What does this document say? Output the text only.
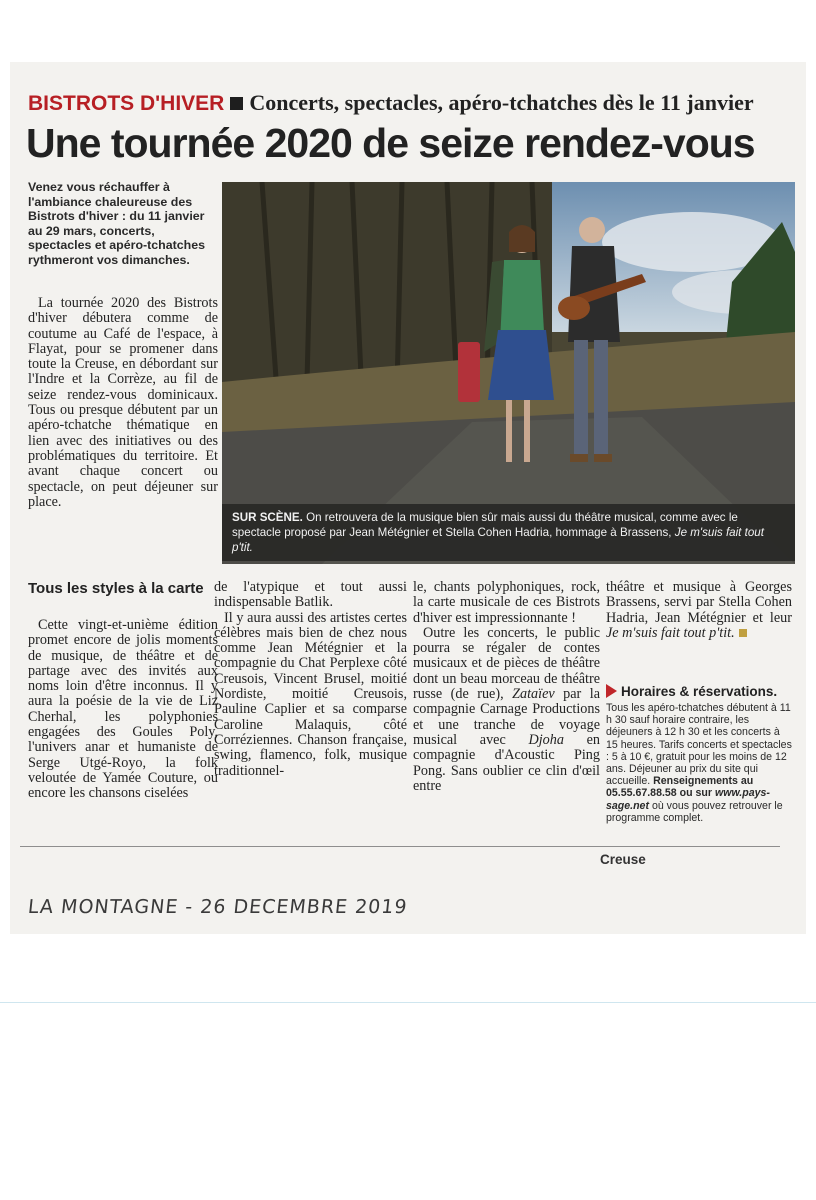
BISTROTS D'HIVER Concerts, spectacles, apéro-tchatches dès le 11 janvier
Une tournée 2020 de seize rendez-vous

Venez vous réchauffer à l'ambiance chaleureuse des Bistrots d'hiver : du 11 janvier au 29 mars, concerts, spectacles et apéro-tchatches rythmeront vos dimanches.

La tournée 2020 des Bistrots d'hiver débutera comme de coutume au Café de l'espace, à Flayat, pour se promener dans toute la Creuse, en débordant sur l'Indre et la Corrèze, au fil de seize rendez-vous dominicaux. Tous ou presque débutent par un apéro-tchatche thématique en lien avec des initiatives ou des problématiques du territoire. Et avant chaque concert ou spectacle, on peut déjeuner sur place.

SUR SCÈNE. On retrouvera de la musique bien sûr mais aussi du théâtre musical, comme avec le spectacle proposé par Jean Métégnier et Stella Cohen Hadria, hommage à Brassens, Je m'suis fait tout p'tit.
Tous les styles à la carte

Cette vingt-et-unième édition promet encore de jolis moments de musique, de théâtre et de partage avec des invités aux noms loin d'être inconnus. Il y aura la poésie de la vie de Liz Cherhal, les polyphonies engagées des Goules Poly, l'univers anar et humaniste de Serge Utgé-Royo, la folk veloutée de Yamée Couture, ou encore les chansons ciselées

de l'atypique et tout aussi indispensable Batlik.

Il y aura aussi des artistes certes célèbres mais bien de chez nous comme Jean Métégnier et la compagnie du Chat Perplexe côté Creusois, Vincent Brusel, moitié Nordiste, moitié Creusois, Pauline Caplier et sa comparse Caroline Malaquis, côté Corréziennes. Chanson française, swing, flamenco, folk, musique traditionnel-

le, chants polyphoniques, rock, la carte musicale de ces Bistrots d'hiver est impressionnante !

Outre les concerts, le public pourra se régaler de contes musicaux et de pièces de théâtre dont un beau morceau de théâtre russe (de rue), Zataïev par la compagnie Carnage Productions et une tranche de voyage musical avec Djoha en compagnie d'Acoustic Ping Pong. Sans oublier ce clin d'œil entre

théâtre et musique à Georges Brassens, servi par Stella Cohen Hadria, Jean Métégnier et leur Je m'suis fait tout p'tit.

Horaires & réservations.

Tous les apéro-tchatches débutent à 11 h 30 sauf horaire contraire, les déjeuners à 12 h 30 et les concerts à 15 heures. Tarifs concerts et spectacles : 5 à 10 €, gratuit pour les moins de 12 ans. Déjeuner au prix du site qui accueille. Renseignements au 05.55.67.88.58 ou sur www.pays-sage.net où vous pouvez retrouver le programme complet.

Creuse
LA MONTAGNE - 26 DECEMBRE 2019
